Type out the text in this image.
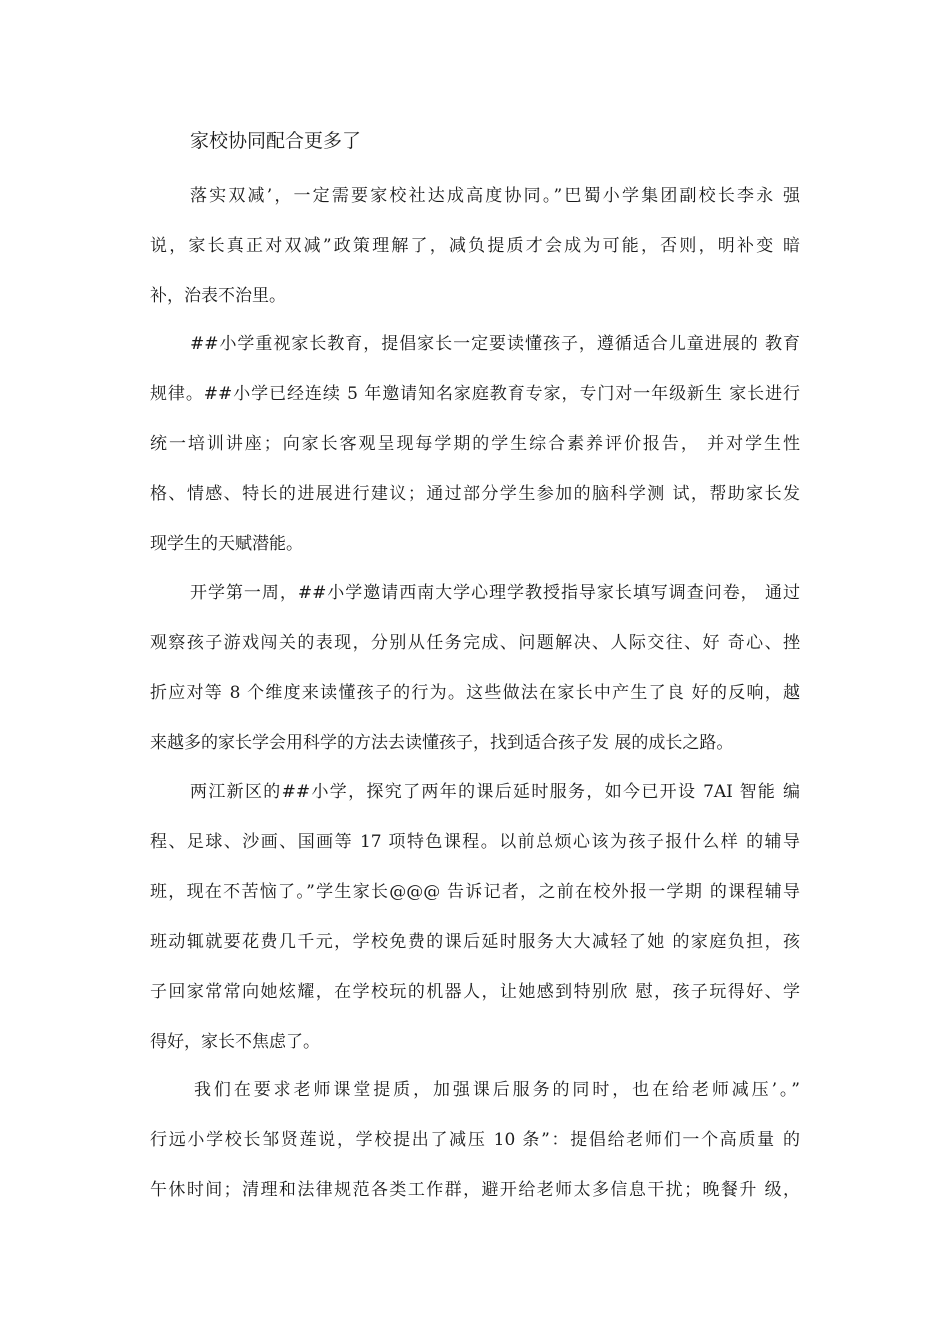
家校协同配合更多了
落实双减’，一定需要家校社达成高度协同。”巴蜀小学集团副校长李永 强
说，家长真正对双减”政策理解了，减负提质才会成为可能，否则，明补变 暗
补，治表不治里。
##小学重视家长教育，提倡家长一定要读懂孩子，遵循适合儿童进展的 教育
规律。##小学已经连续 5 年邀请知名家庭教育专家，专门对一年级新生 家长进行
统一培训讲座；向家长客观呈现每学期的学生综合素养评价报告， 并对学生性
格、情感、特长的进展进行建议；通过部分学生参加的脑科学测 试，帮助家长发
现学生的天赋潜能。
开学第一周，##小学邀请西南大学心理学教授指导家长填写调查问卷， 通过
观察孩子游戏闯关的表现，分别从任务完成、问题解决、人际交往、好 奇心、挫
折应对等 8 个维度来读懂孩子的行为。这些做法在家长中产生了良 好的反响，越
来越多的家长学会用科学的方法去读懂孩子，找到适合孩子发 展的成长之路。
两江新区的##小学，探究了两年的课后延时服务，如今已开设 7AI 智能 编
程、足球、沙画、国画等 17 项特色课程。以前总烦心该为孩子报什么样 的辅导
班，现在不苦恼了。”学生家长@@@ 告诉记者，之前在校外报一学期 的课程辅导
班动辄就要花费几千元，学校免费的课后延时服务大大减轻了她 的家庭负担，孩
子回家常常向她炫耀，在学校玩的机器人，让她感到特别欣 慰，孩子玩得好、学
得好，家长不焦虑了。
我们在要求老师课堂提质，加强课后服务的同时，也在给老师减压’。”
行远小学校长邹贤莲说，学校提出了减压 10 条”：提倡给老师们一个高质量 的
午休时间；清理和法律规范各类工作群，避开给老师太多信息干扰；晚餐升 级，
